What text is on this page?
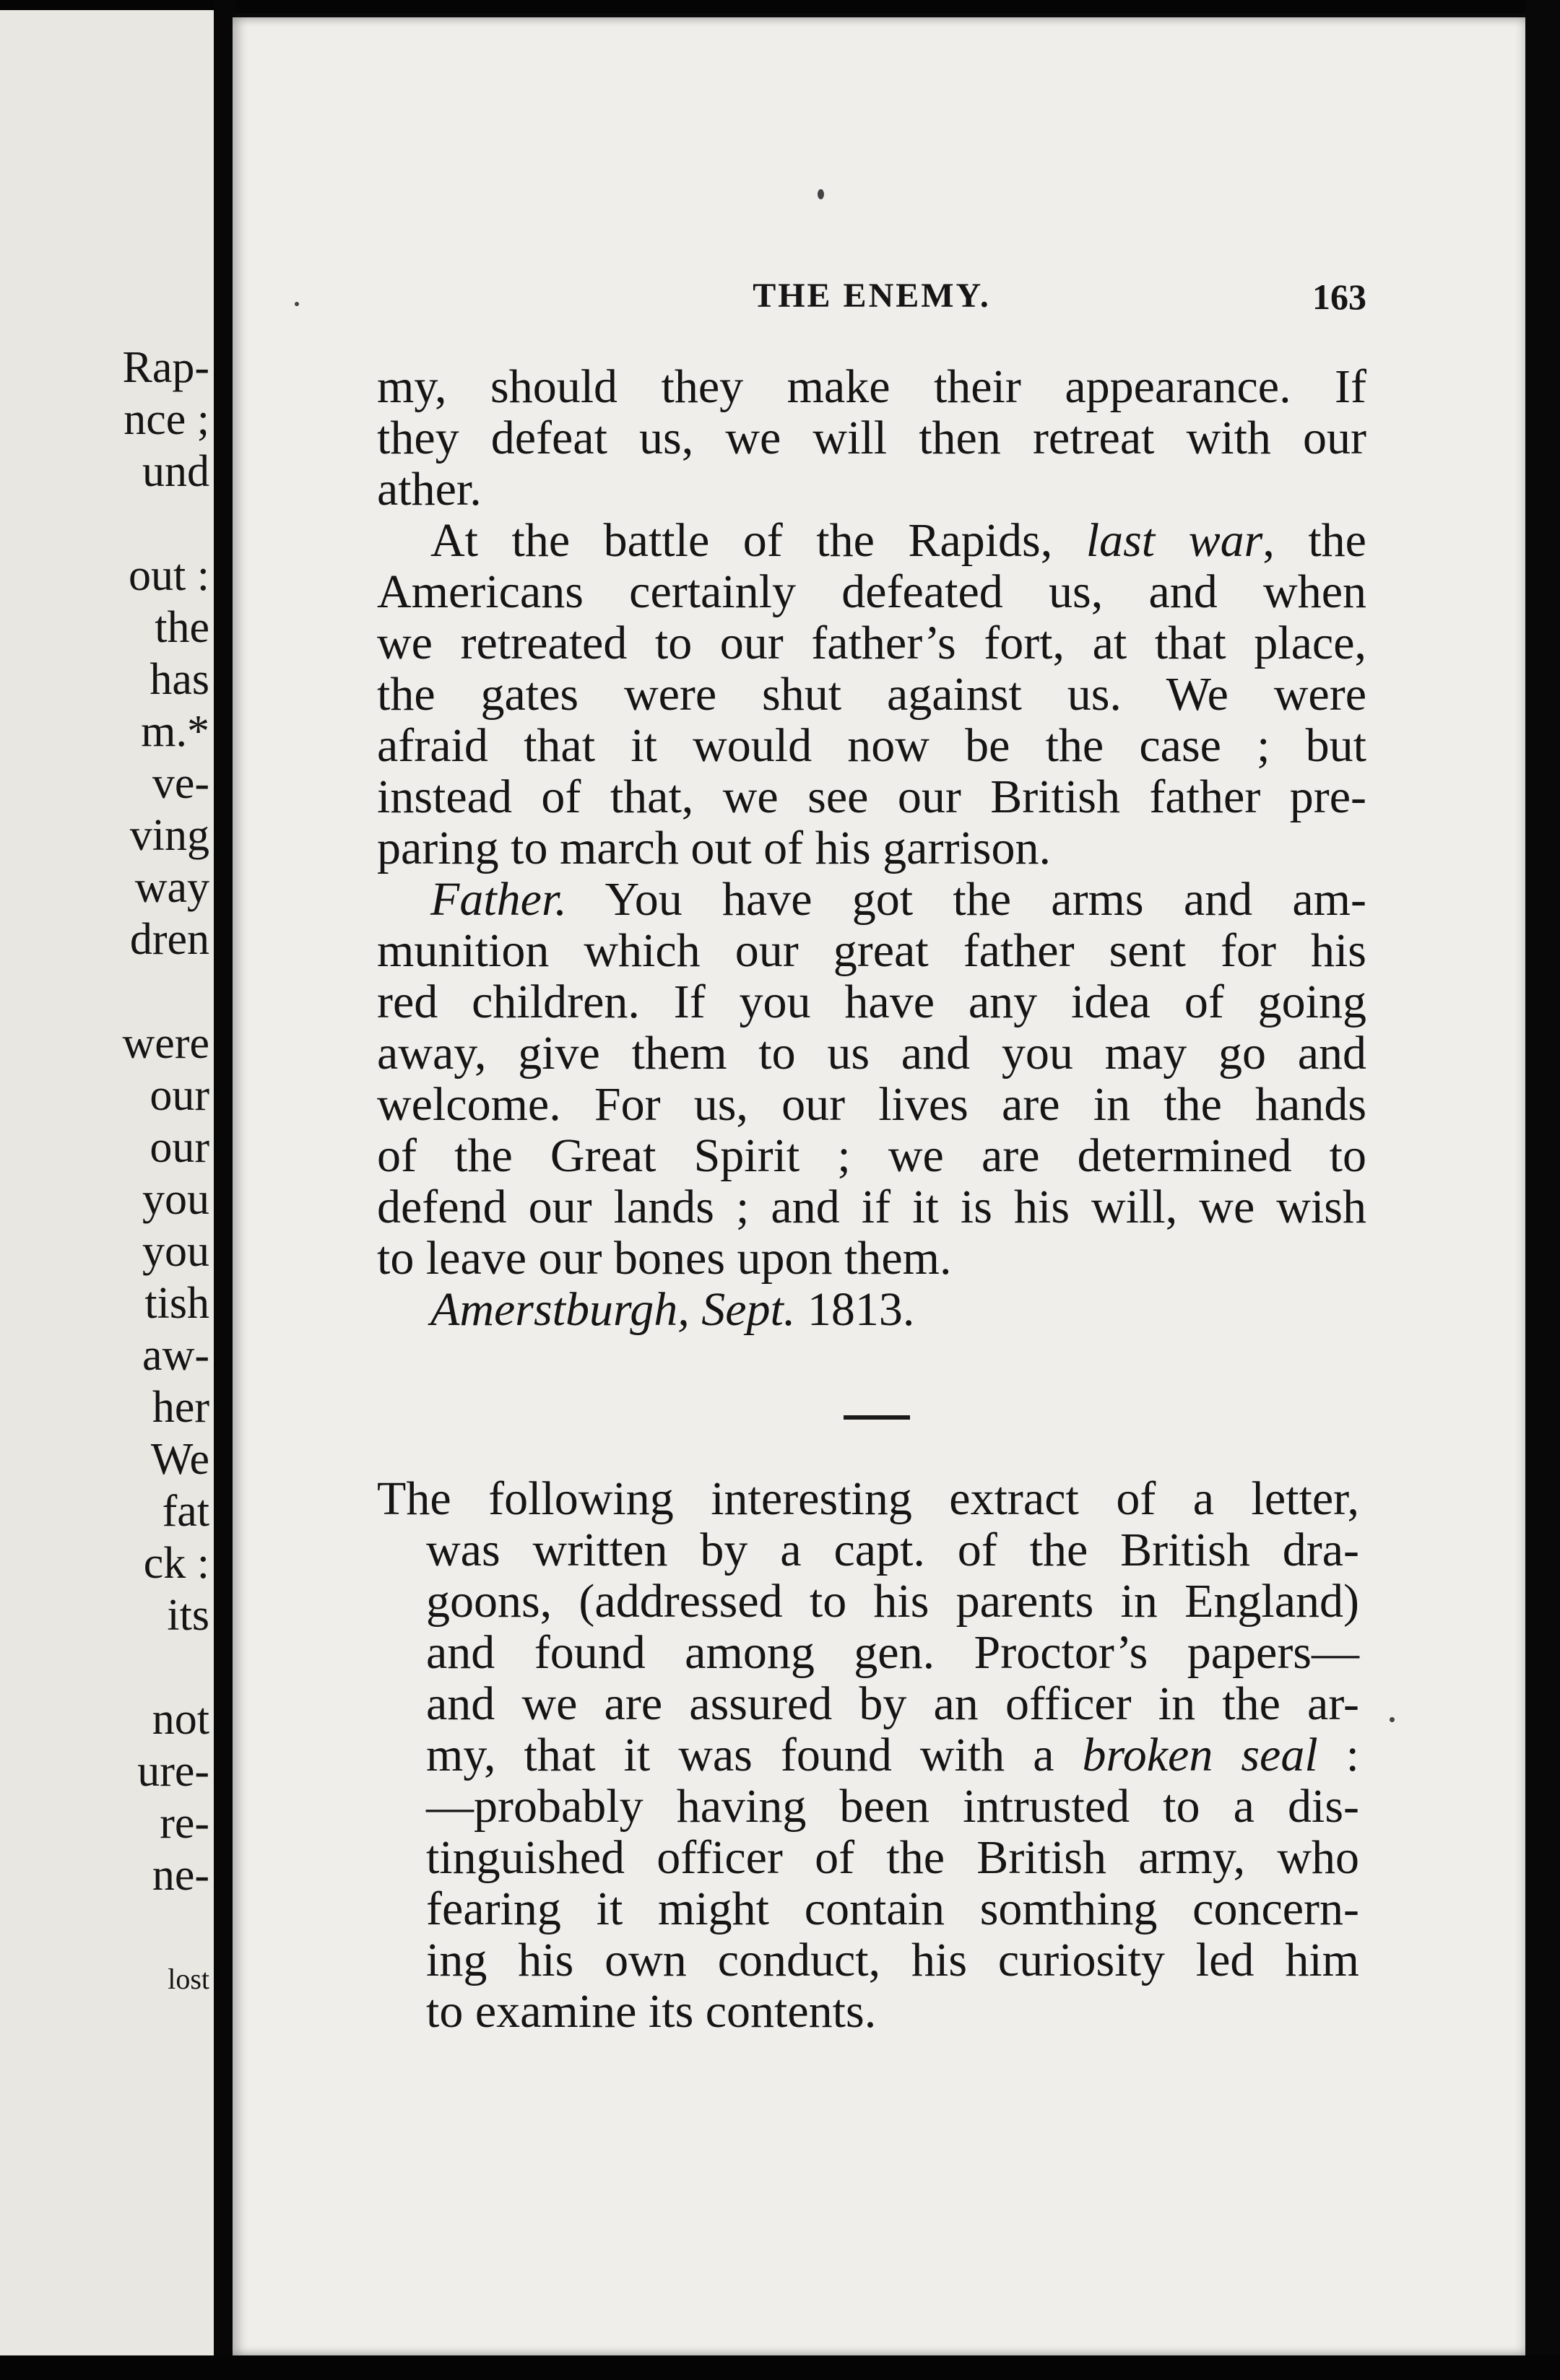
Rap-
nce ;
und
out :
the
has
m.*
ve-
ving
way
dren
were
our
our
you
you
tish
aw-
her
We
fat
ck :
its
not
ure-
re-
ne-
lost
THE ENEMY.	163
my, should they make their appearance. If
they defeat us, we will then retreat with our
ather.
At the battle of the Rapids, last war, the
Americans certainly defeated us, and when
we retreated to our father’s fort, at that place,
the gates were shut against us. We were
afraid that it would now be the case ; but
instead of that, we see our British father pre-
paring to march out of his garrison.
Father. You have got the arms and am-
munition which our great father sent for his
red children. If you have any idea of going
away, give them to us and you may go and
welcome. For us, our lives are in the hands
of the Great Spirit ; we are determined to
defend our lands ; and if it is his will, we wish
to leave our bones upon them.
Amerstburgh, Sept. 1813.
The following interesting extract of a letter,
was written by a capt. of the British dra-
goons, (addressed to his parents in England)
and found among gen. Proctor’s papers—
and we are assured by an officer in the ar-
my, that it was found with a broken seal :
—probably having been intrusted to a dis-
tinguished officer of the British army, who
fearing it might contain somthing concern-
ing his own conduct, his curiosity led him
to examine its contents.
